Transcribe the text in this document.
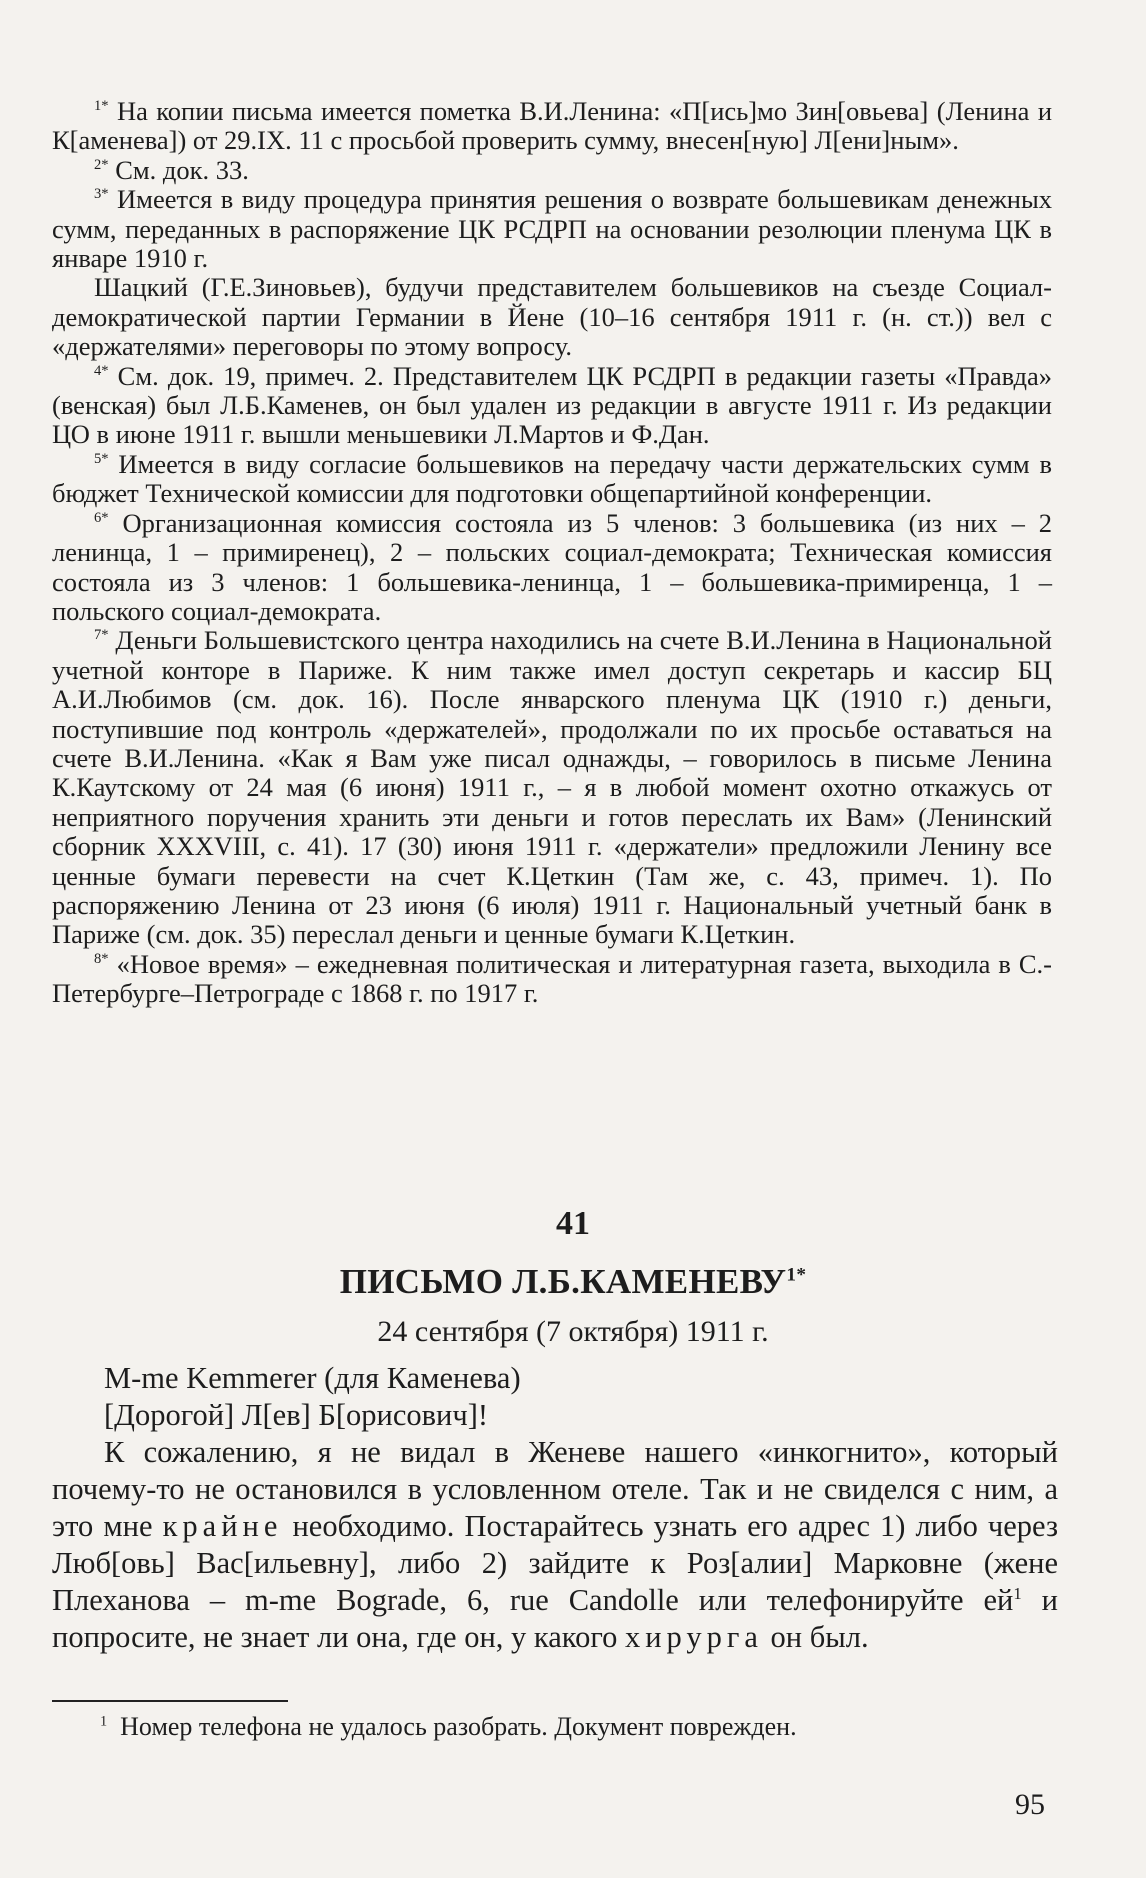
$^{1*}$ На копии письма имеется пометка В.И.Ленина: «П[ись]мо Зин[овьева] (Ленина и К[аменева]) от 29.IX. 11 с просьбой проверить сумму, внесен[ную] Л[ени]ным».

$^{2*}$ См. док. 33.

$^{3*}$ Имеется в виду процедура принятия решения о возврате большевикам денежных сумм, переданных в распоряжение ЦК РСДРП на основании резолюции пленума ЦК в январе 1910 г.

Шацкий (Г.Е.Зиновьев), будучи представителем большевиков на съезде Социал-демократической партии Германии в Йене (10–16 сентября 1911 г. (н. ст.)) вел с «держателями» переговоры по этому вопросу.

$^{4*}$ См. док. 19, примеч. 2. Представителем ЦК РСДРП в редакции газеты «Правда» (венская) был Л.Б.Каменев, он был удален из редакции в августе 1911 г. Из редакции ЦО в июне 1911 г. вышли меньшевики Л.Мартов и Ф.Дан.

$^{5*}$ Имеется в виду согласие большевиков на передачу части держательских сумм в бюджет Технической комиссии для подготовки общепартийной конференции.

$^{6*}$ Организационная комиссия состояла из 5 членов: 3 большевика (из них – 2 ленинца, 1 – примиренец), 2 – польских социал-демократа; Техническая комиссия состояла из 3 членов: 1 большевика-ленинца, 1 – большевика-примиренца, 1 – польского социал-демократа.

$^{7*}$ Деньги Большевистского центра находились на счете В.И.Ленина в Национальной учетной конторе в Париже. К ним также имел доступ секретарь и кассир БЦ А.И.Любимов (см. док. 16). После январского пленума ЦК (1910 г.) деньги, поступившие под контроль «держателей», продолжали по их просьбе оставаться на счете В.И.Ленина. «Как я Вам уже писал однажды, – говорилось в письме Ленина К.Каутскому от 24 мая (6 июня) 1911 г., – я в любой момент охотно откажусь от неприятного поручения хранить эти деньги и готов переслать их Вам» (Ленинский сборник XXXVIII, с. 41). 17 (30) июня 1911 г. «держатели» предложили Ленину все ценные бумаги перевести на счет К.Цеткин (Там же, с. 43, примеч. 1). По распоряжению Ленина от 23 июня (6 июля) 1911 г. Национальный учетный банк в Париже (см. док. 35) переслал деньги и ценные бумаги К.Цеткин.

$^{8*}$ «Новое время» – ежедневная политическая и литературная газета, выходила в С.-Петербурге–Петрограде с 1868 г. по 1917 г.

41
ПИСЬМО $Л.Б.КАМЕНЕВУ^{1*}$
24 сентября (7 октября) 1911 г.

M-me Kemmerer (для Каменева)

[Дорогой] Л[ев] Б[орисович]!

К сожалению, я не видал в Женеве нашего «инкогнито», который почему-то не остановился в условленном отеле. Так и не свиделся с ним, а это мне крайне необходимо. Постарайтесь узнать его адрес 1) либо через Люб[овь] Вас[ильевну], либо 2) зайдите к Роз[алии] Марковне (жене Плеханова – m-me Bograde, 6, rue Candolle или телефонируйте $ей^1$ и попросите, не знает ли она, где он, у какого хирурга он был.

$^1$ Номер телефона не удалось разобрать. Документ поврежден.
95
